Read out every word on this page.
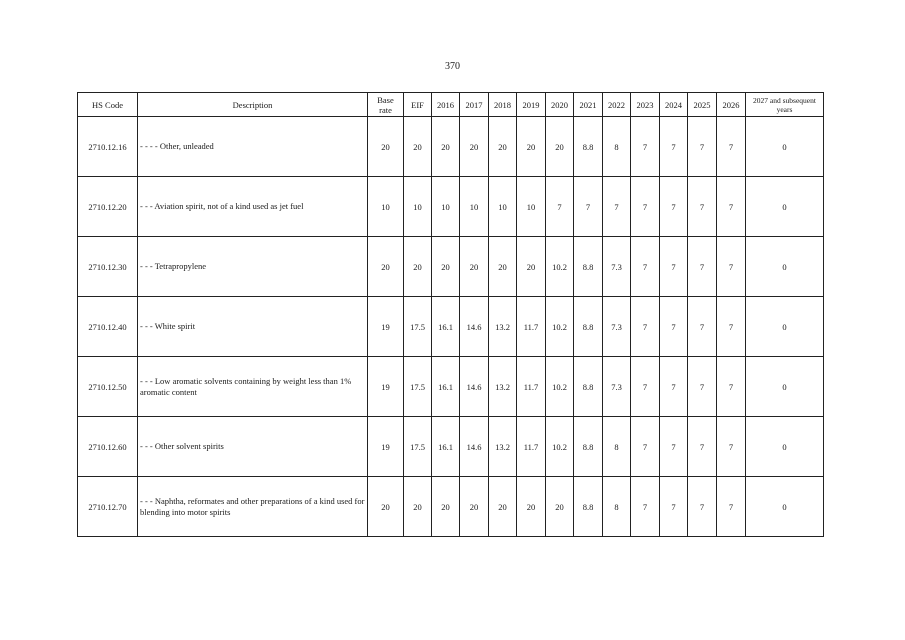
370
HS Code	Description	Base rate	EIF	2016	2017	2018	2019	2020	2021	2022	2023	2024	2025	2026	2027 and subsequent years
2710.12.16	- - - - Other, unleaded	20	20	20	20	20	20	20	8.8	8	7	7	7	7	0
2710.12.20	- - - Aviation spirit, not of a kind used as jet fuel	10	10	10	10	10	10	7	7	7	7	7	7	7	0
2710.12.30	- - - Tetrapropylene	20	20	20	20	20	20	10.2	8.8	7.3	7	7	7	7	0
2710.12.40	- - - White spirit	19	17.5	16.1	14.6	13.2	11.7	10.2	8.8	7.3	7	7	7	7	0
2710.12.50	- - - Low aromatic solvents containing by weight less than 1% aromatic content	19	17.5	16.1	14.6	13.2	11.7	10.2	8.8	7.3	7	7	7	7	0
2710.12.60	- - - Other solvent spirits	19	17.5	16.1	14.6	13.2	11.7	10.2	8.8	8	7	7	7	7	0
2710.12.70	- - - Naphtha, reformates and other preparations of a kind used for blending into motor spirits	20	20	20	20	20	20	20	8.8	8	7	7	7	7	0
